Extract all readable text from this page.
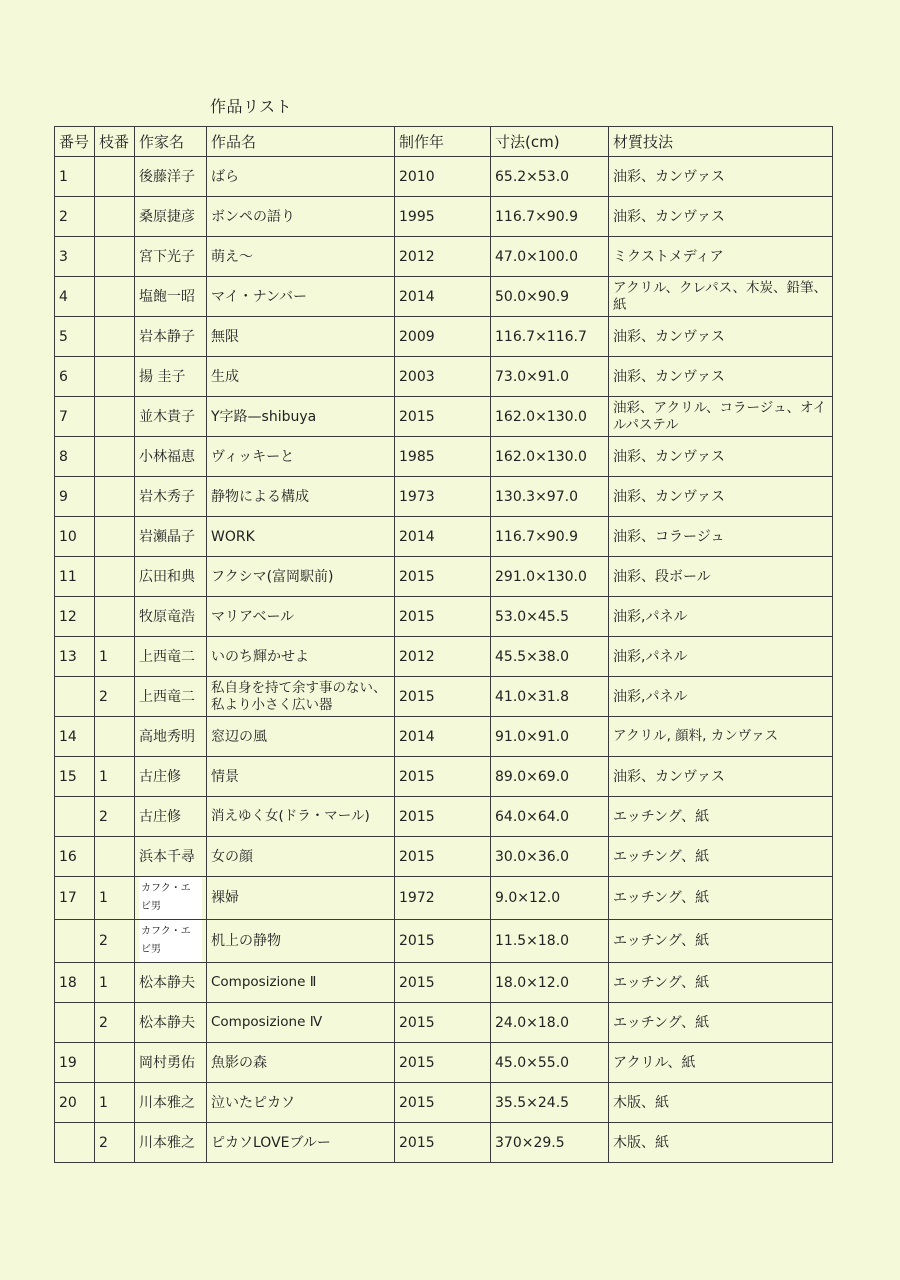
作品リスト
番号	枝番	作家名	作品名	制作年	寸法(cm)	材質技法
1		後藤洋子	ばら	2010	65.2×53.0	油彩、カンヴァス
2		桑原捷彦	ボンペの語り	1995	116.7×90.9	油彩、カンヴァス
3		宮下光子	萌え～	2012	47.0×100.0	ミクストメディア
4		塩飽一昭	マイ・ナンバー	2014	50.0×90.9	アクリル、クレパス、木炭、鉛筆、紙
5		岩本静子	無限	2009	116.7×116.7	油彩、カンヴァス
6		揚 圭子	生成	2003	73.0×91.0	油彩、カンヴァス
7		並木貴子	Y字路—shibuya	2015	162.0×130.0	油彩、アクリル、コラージュ、オイルパステル
8		小林福恵	ヴィッキーと	1985	162.0×130.0	油彩、カンヴァス
9		岩木秀子	静物による構成	1973	130.3×97.0	油彩、カンヴァス
10		岩瀬晶子	WORK	2014	116.7×90.9	油彩、コラージュ
11		広田和典	フクシマ(富岡駅前)	2015	291.0×130.0	油彩、段ボール
12		牧原竜浩	マリアベール	2015	53.0×45.5	油彩,パネル
13	1	上西竜二	いのち輝かせよ	2012	45.5×38.0	油彩,パネル
	2	上西竜二	私自身を持て余す事のない、私より小さく広い器	2015	41.0×31.8	油彩,パネル
14		高地秀明	窓辺の風	2014	91.0×91.0	アクリル, 顔料, カンヴァス
15	1	古庄修	情景	2015	89.0×69.0	油彩、カンヴァス
	2	古庄修	消えゆく女(ドラ・マール)	2015	64.0×64.0	エッチング、紙
16		浜本千尋	女の顔	2015	30.0×36.0	エッチング、紙
17	1	カフク・エビ男	裸婦	1972	9.0×12.0	エッチング、紙
	2	カフク・エビ男	机上の静物	2015	11.5×18.0	エッチング、紙
18	1	松本静夫	Composizione Ⅱ	2015	18.0×12.0	エッチング、紙
	2	松本静夫	Composizione Ⅳ	2015	24.0×18.0	エッチング、紙
19		岡村勇佑	魚影の森	2015	45.0×55.0	アクリル、紙
20	1	川本雅之	泣いたピカソ	2015	35.5×24.5	木版、紙
	2	川本雅之	ピカソLOVEブルー	2015	370×29.5	木版、紙
